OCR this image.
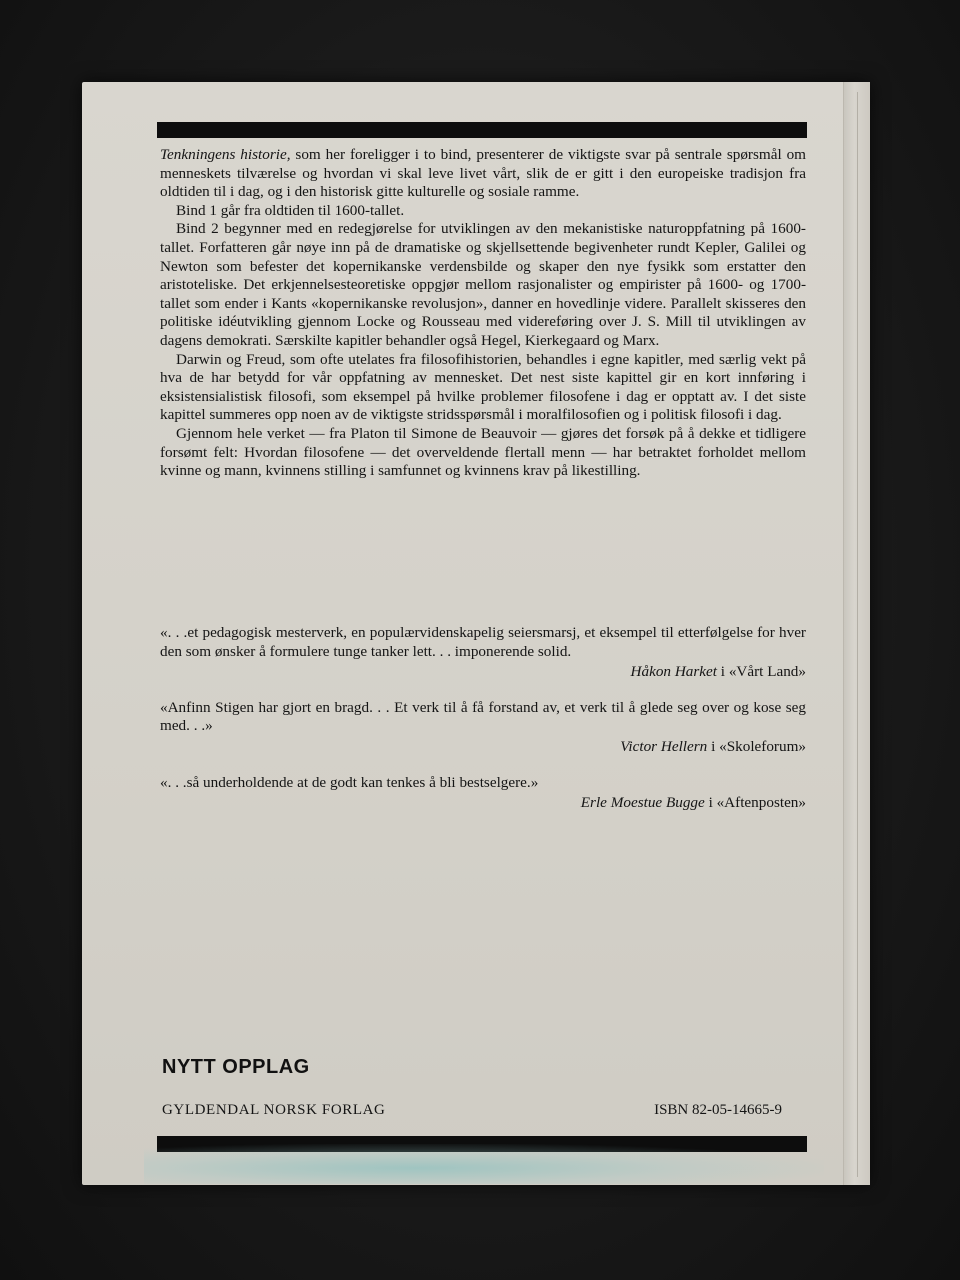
Tenkningens historie, som her foreligger i to bind, presenterer de viktigste svar på sentrale spørsmål om menneskets tilværelse og hvordan vi skal leve livet vårt, slik de er gitt i den europeiske tradisjon fra oldtiden til i dag, og i den historisk gitte kulturelle og sosiale ramme.

Bind 1 går fra oldtiden til 1600-tallet.

Bind 2 begynner med en redegjørelse for utviklingen av den mekanistiske naturoppfatning på 1600-tallet. Forfatteren går nøye inn på de dramatiske og skjellsettende begivenheter rundt Kepler, Galilei og Newton som befester det kopernikanske verdensbilde og skaper den nye fysikk som erstatter den aristoteliske. Det erkjennelsesteoretiske oppgjør mellom rasjonalister og empirister på 1600- og 1700-tallet som ender i Kants «kopernikanske revolusjon», danner en hovedlinje videre. Parallelt skisseres den politiske idéutvikling gjennom Locke og Rousseau med videreføring over J. S. Mill til utviklingen av dagens demokrati. Særskilte kapitler behandler også Hegel, Kierkegaard og Marx.

Darwin og Freud, som ofte utelates fra filosofihistorien, behandles i egne kapitler, med særlig vekt på hva de har betydd for vår oppfatning av mennesket. Det nest siste kapittel gir en kort innføring i eksistensialistisk filosofi, som eksempel på hvilke problemer filosofene i dag er opptatt av. I det siste kapittel summeres opp noen av de viktigste stridsspørsmål i moralfilosofien og i politisk filosofi i dag.

Gjennom hele verket — fra Platon til Simone de Beauvoir — gjøres det forsøk på å dekke et tidligere forsømt felt: Hvordan filosofene — det overveldende flertall menn — har betraktet forholdet mellom kvinne og mann, kvinnens stilling i samfunnet og kvinnens krav på likestilling.

«. . .et pedagogisk mesterverk, en populærvidenskapelig seiersmarsj, et eksempel til etterfølgelse for hver den som ønsker å formulere tunge tanker lett. . . imponerende solid.

Håkon Harket i «Vårt Land»

«Anfinn Stigen har gjort en bragd. . . Et verk til å få forstand av, et verk til å glede seg over og kose seg med. . .»

Victor Hellern i «Skoleforum»

«. . .så underholdende at de godt kan tenkes å bli bestselgere.»

Erle Moestue Bugge i «Aftenposten»

NYTT OPPLAG
GYLDENDAL NORSK FORLAG	ISBN 82-05-14665-9
